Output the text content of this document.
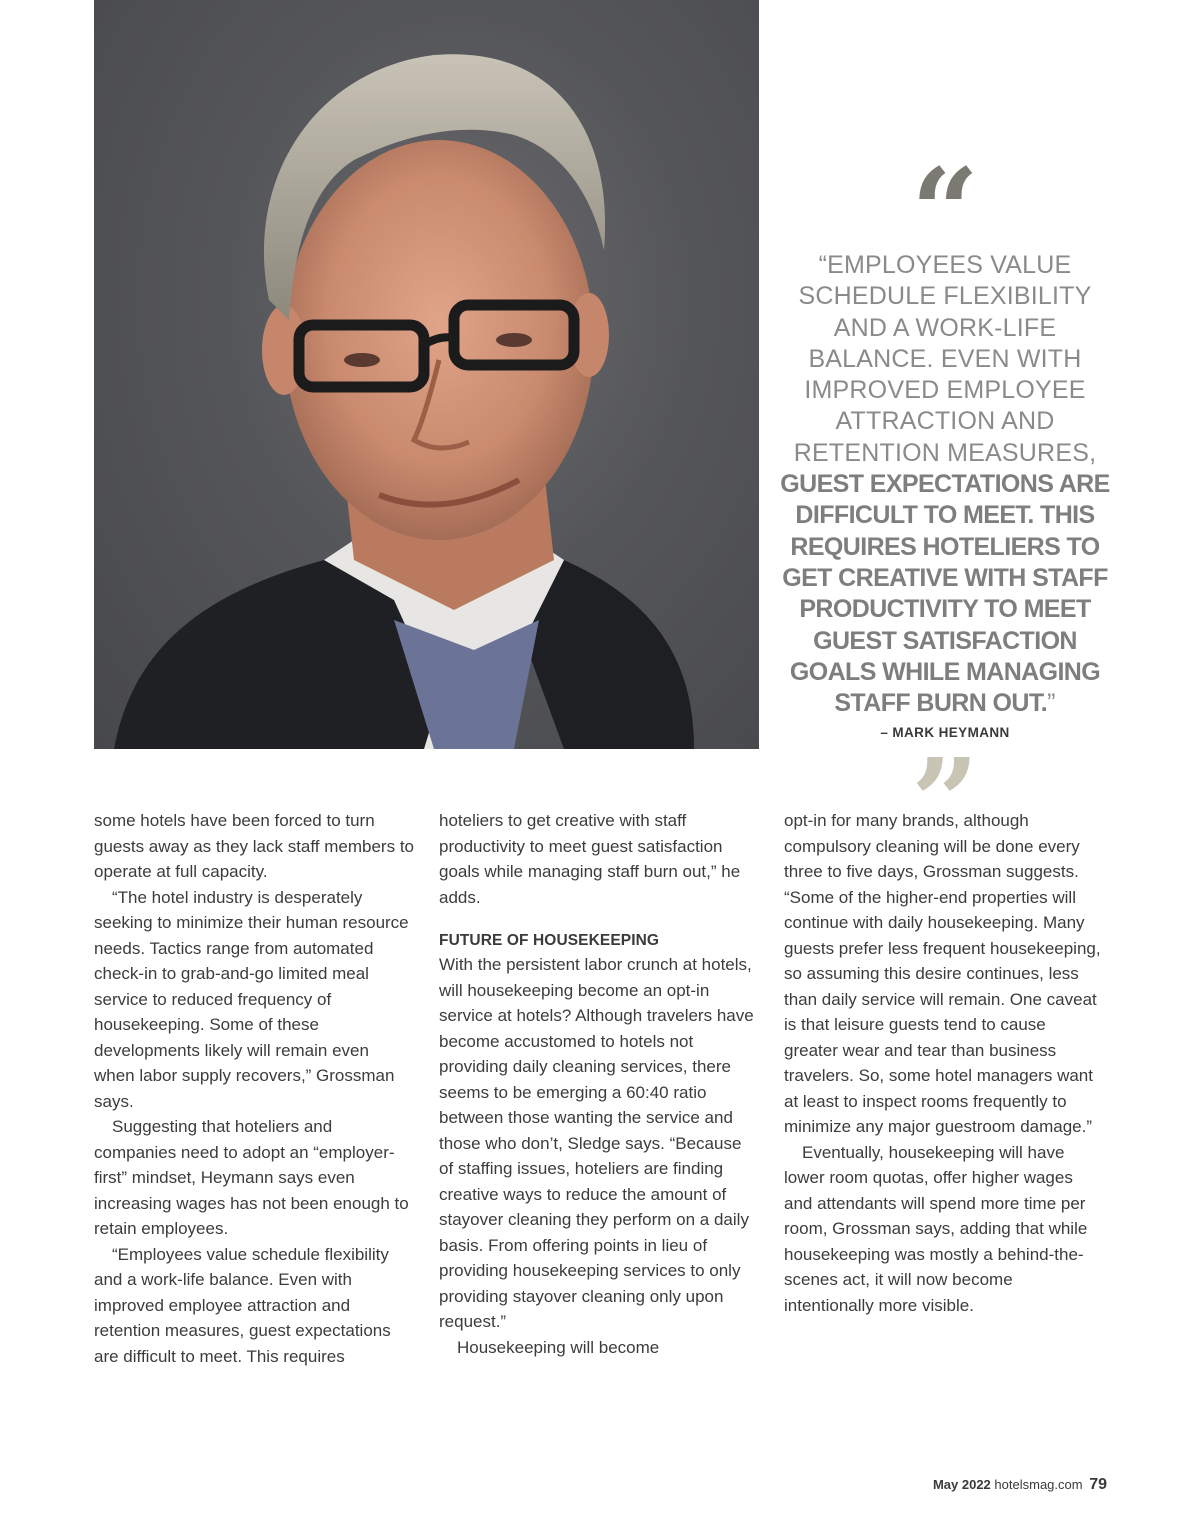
“
“EMPLOYEES VALUE SCHEDULE FLEXIBILITY AND A WORK-LIFE BALANCE. EVEN WITH IMPROVED EMPLOYEE ATTRACTION AND RETENTION MEASURES, GUEST EXPECTATIONS ARE DIFFICULT TO MEET. THIS REQUIRES HOTELIERS TO GET CREATIVE WITH STAFF PRODUCTIVITY TO MEET GUEST SATISFACTION GOALS WHILE MANAGING STAFF BURN OUT.”
– MARK HEYMANN
”

some hotels have been forced to turn guests away as they lack staff members to operate at full capacity.

“The hotel industry is desperately seeking to minimize their human resource needs. Tactics range from automated check-in to grab-and-go limited meal service to reduced frequency of housekeeping. Some of these developments likely will remain even when labor supply recovers,” Grossman says.

Suggesting that hoteliers and companies need to adopt an “employer-first” mindset, Heymann says even increasing wages has not been enough to retain employees.

“Employees value schedule flexibility and a work-life balance. Even with improved employee attraction and retention measures, guest expectations are difficult to meet. This requires

hoteliers to get creative with staff productivity to meet guest satisfaction goals while managing staff burn out,” he adds.

FUTURE OF HOUSEKEEPING

With the persistent labor crunch at hotels, will housekeeping become an opt-in service at hotels? Although travelers have become accustomed to hotels not providing daily cleaning services, there seems to be emerging a 60:40 ratio between those wanting the service and those who don’t, Sledge says. “Because of staffing issues, hoteliers are finding creative ways to reduce the amount of stayover cleaning they perform on a daily basis. From offering points in lieu of providing housekeeping services to only providing stayover cleaning only upon request.”

Housekeeping will become

opt-in for many brands, although compulsory cleaning will be done every three to five days, Grossman suggests. “Some of the higher-end properties will continue with daily housekeeping. Many guests prefer less frequent housekeeping, so assuming this desire continues, less than daily service will remain. One caveat is that leisure guests tend to cause greater wear and tear than business travelers. So, some hotel managers want at least to inspect rooms frequently to minimize any major guestroom damage.”

Eventually, housekeeping will have lower room quotas, offer higher wages and attendants will spend more time per room, Grossman says, adding that while housekeeping was mostly a behind-the-scenes act, it will now become intentionally more visible.

May 2022 hotelsmag.com 79
